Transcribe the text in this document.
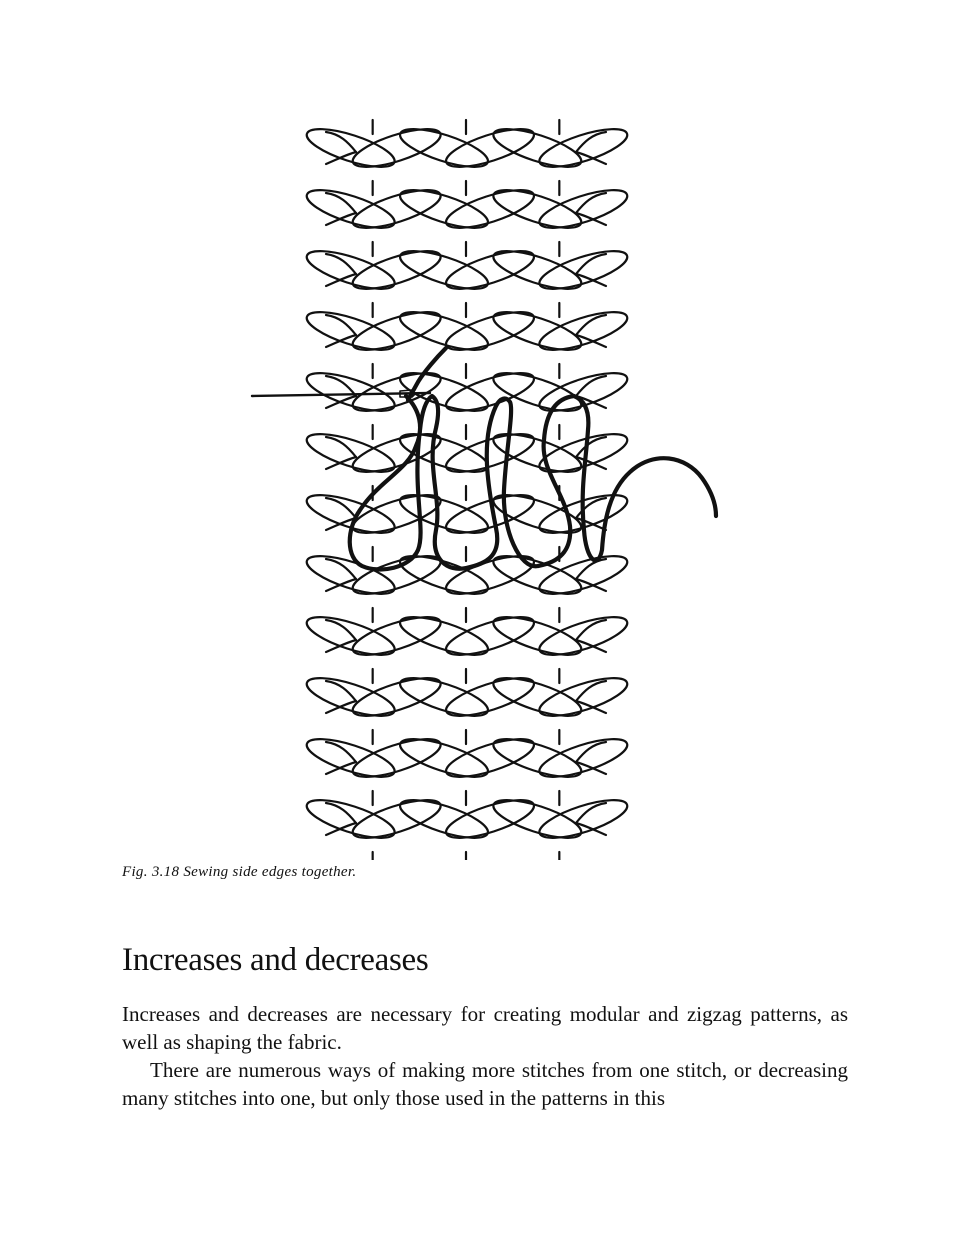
Fig. 3.18 Sewing side edges together.
Increases and decreases

Increases and decreases are necessary for creating modular and zigzag patterns, as well as shaping the fabric.

There are numerous ways of making more stitches from one stitch, or decreasing many stitches into one, but only those used in the patterns in this
